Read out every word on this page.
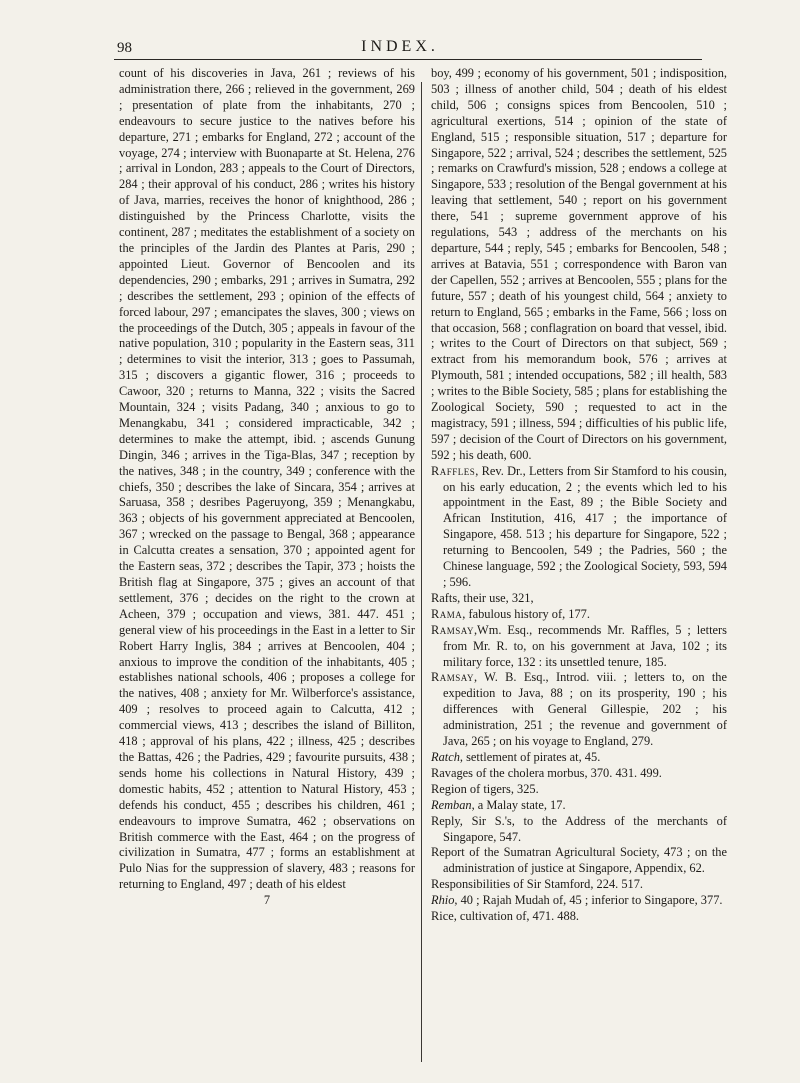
98	INDEX.

count of his discoveries in Java, 261 ; reviews of his administration there, 266 ; relieved in the government, 269 ; presentation of plate from the inhabitants, 270 ; endeavours to secure justice to the natives before his departure, 271 ; embarks for England, 272 ; account of the voyage, 274 ; interview with Buonaparte at St. Helena, 276 ; arrival in London, 283 ; appeals to the Court of Directors, 284 ; their approval of his conduct, 286 ; writes his history of Java, marries, receives the honor of knighthood, 286 ; distinguished by the Princess Charlotte, visits the continent, 287 ; meditates the establishment of a society on the principles of the Jardin des Plantes at Paris, 290 ; appointed Lieut. Governor of Bencoolen and its dependencies, 290 ; embarks, 291 ; arrives in Sumatra, 292 ; describes the settlement, 293 ; opinion of the effects of forced labour, 297 ; emancipates the slaves, 300 ; views on the proceedings of the Dutch, 305 ; appeals in favour of the native population, 310 ; popularity in the Eastern seas, 311 ; determines to visit the interior, 313 ; goes to Passumah, 315 ; discovers a gigantic flower, 316 ; proceeds to Cawoor, 320 ; returns to Manna, 322 ; visits the Sacred Mountain, 324 ; visits Padang, 340 ; anxious to go to Menangkabu, 341 ; considered impracticable, 342 ; determines to make the attempt, ibid. ; ascends Gunung Dingin, 346 ; arrives in the Tiga-Blas, 347 ; reception by the natives, 348 ; in the country, 349 ; conference with the chiefs, 350 ; describes the lake of Sincara, 354 ; arrives at Saruasa, 358 ; desribes Pageruyong, 359 ; Menangkabu, 363 ; objects of his government appreciated at Bencoolen, 367 ; wrecked on the passage to Bengal, 368 ; appearance in Calcutta creates a sensation, 370 ; appointed agent for the Eastern seas, 372 ; describes the Tapir, 373 ; hoists the British flag at Singapore, 375 ; gives an account of that settlement, 376 ; decides on the right to the crown at Acheen, 379 ; occupation and views, 381. 447. 451 ; general view of his proceedings in the East in a letter to Sir Robert Harry Inglis, 384 ; arrives at Bencoolen, 404 ; anxious to improve the condition of the inhabitants, 405 ; establishes national schools, 406 ; proposes a college for the natives, 408 ; anxiety for Mr. Wilberforce's assistance, 409 ; resolves to proceed again to Calcutta, 412 ; commercial views, 413 ; describes the island of Billiton, 418 ; approval of his plans, 422 ; illness, 425 ; describes the Battas, 426 ; the Padries, 429 ; favourite pursuits, 438 ; sends home his collections in Natural History, 439 ; domestic habits, 452 ; attention to Natural History, 453 ; defends his conduct, 455 ; describes his children, 461 ; endeavours to improve Sumatra, 462 ; observations on British commerce with the East, 464 ; on the progress of civilization in Sumatra, 477 ; forms an establishment at Pulo Nias for the suppression of slavery, 483 ; reasons for returning to England, 497 ; death of his eldest

7

boy, 499 ; economy of his government, 501 ; indisposition, 503 ; illness of another child, 504 ; death of his eldest child, 506 ; consigns spices from Bencoolen, 510 ; agricultural exertions, 514 ; opinion of the state of England, 515 ; responsible situation, 517 ; departure for Singapore, 522 ; arrival, 524 ; describes the settlement, 525 ; remarks on Crawfurd's mission, 528 ; endows a college at Singapore, 533 ; resolution of the Bengal government at his leaving that settlement, 540 ; report on his government there, 541 ; supreme government approve of his regulations, 543 ; address of the merchants on his departure, 544 ; reply, 545 ; embarks for Bencoolen, 548 ; arrives at Batavia, 551 ; correspondence with Baron van der Capellen, 552 ; arrives at Bencoolen, 555 ; plans for the future, 557 ; death of his youngest child, 564 ; anxiety to return to England, 565 ; embarks in the Fame, 566 ; loss on that occasion, 568 ; conflagration on board that vessel, ibid. ; writes to the Court of Directors on that subject, 569 ; extract from his memorandum book, 576 ; arrives at Plymouth, 581 ; intended occupations, 582 ; ill health, 583 ; writes to the Bible Society, 585 ; plans for establishing the Zoological Society, 590 ; requested to act in the magistracy, 591 ; illness, 594 ; difficulties of his public life, 597 ; decision of the Court of Directors on his government, 592 ; his death, 600.

Raffles, Rev. Dr., Letters from Sir Stamford to his cousin, on his early education, 2 ; the events which led to his appointment in the East, 89 ; the Bible Society and African Institution, 416, 417 ; the importance of Singapore, 458. 513 ; his departure for Singapore, 522 ; returning to Bencoolen, 549 ; the Padries, 560 ; the Chinese language, 592 ; the Zoological Society, 593, 594 ; 596.

Rafts, their use, 321,

Rama, fabulous history of, 177.

Ramsay,Wm. Esq., recommends Mr. Raffles, 5 ; letters from Mr. R. to, on his government at Java, 102 ; its military force, 132 : its unsettled tenure, 185.

Ramsay, W. B. Esq., Introd. viii. ; letters to, on the expedition to Java, 88 ; on its prosperity, 190 ; his differences with General Gillespie, 202 ; his administration, 251 ; the revenue and government of Java, 265 ; on his voyage to England, 279.

Ratch, settlement of pirates at, 45.

Ravages of the cholera morbus, 370. 431. 499.

Region of tigers, 325.

Remban, a Malay state, 17.

Reply, Sir S.'s, to the Address of the merchants of Singapore, 547.

Report of the Sumatran Agricultural Society, 473 ; on the administration of justice at Singapore, Appendix, 62.

Responsibilities of Sir Stamford, 224. 517.

Rhio, 40 ; Rajah Mudah of, 45 ; inferior to Singapore, 377.

Rice, cultivation of, 471. 488.
